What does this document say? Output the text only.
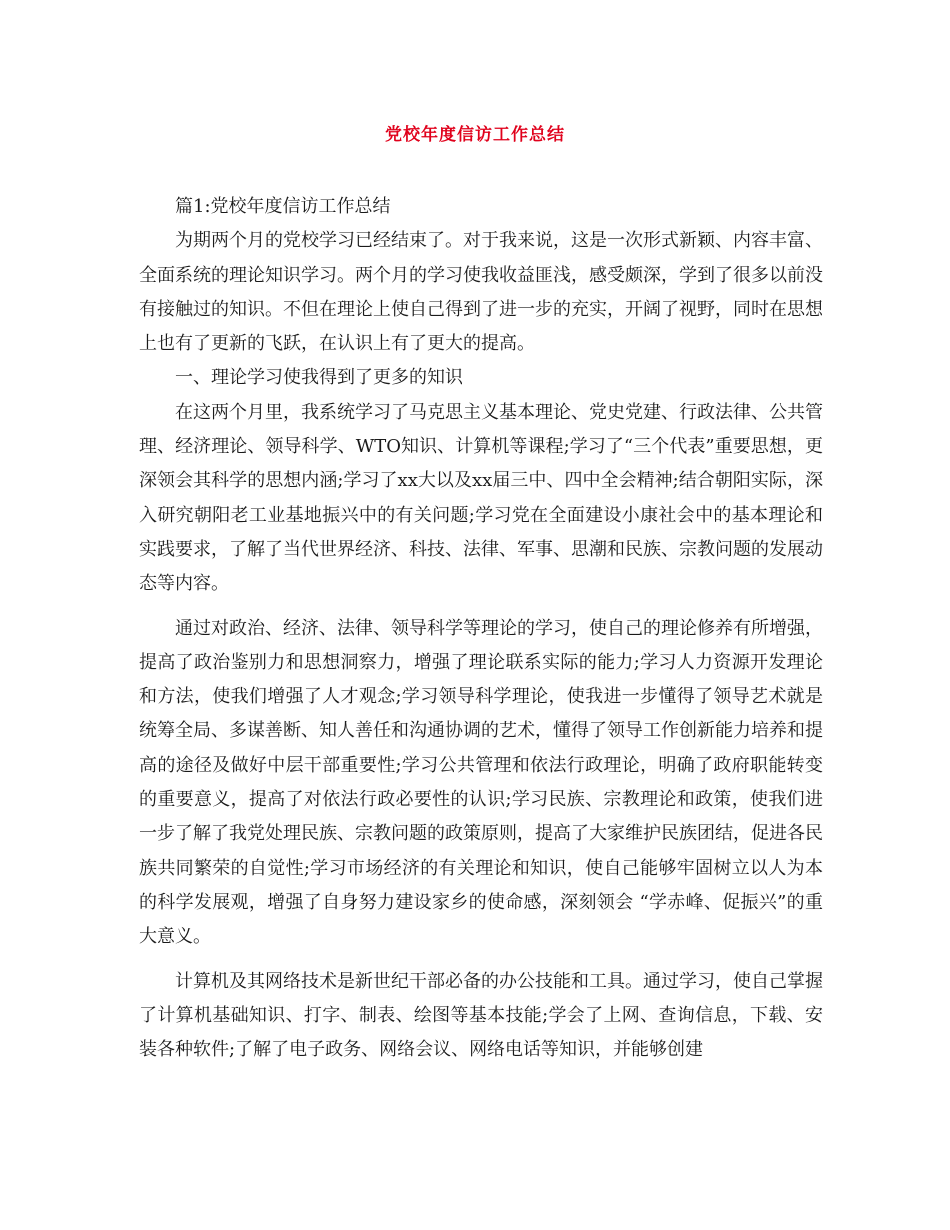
党校年度信访工作总结

篇1:党校年度信访工作总结

为期两个月的党校学习已经结束了。对于我来说，这是一次形式新颖、内容丰富、全面系统的理论知识学习。两个月的学习使我收益匪浅，感受颇深，学到了很多以前没有接触过的知识。不但在理论上使自己得到了进一步的充实，开阔了视野，同时在思想上也有了更新的飞跃，在认识上有了更大的提高。

一、理论学习使我得到了更多的知识

在这两个月里，我系统学习了马克思主义基本理论、党史党建、行政法律、公共管理、经济理论、领导科学、WTO知识、计算机等课程;学习了“三个代表”重要思想，更深领会其科学的思想内涵;学习了xx大以及xx届三中、四中全会精神;结合朝阳实际，深入研究朝阳老工业基地振兴中的有关问题;学习党在全面建设小康社会中的基本理论和实践要求，了解了当代世界经济、科技、法律、军事、思潮和民族、宗教问题的发展动态等内容。

通过对政治、经济、法律、领导科学等理论的学习，使自己的理论修养有所增强，提高了政治鉴别力和思想洞察力，增强了理论联系实际的能力;学习人力资源开发理论和方法，使我们增强了人才观念;学习领导科学理论，使我进一步懂得了领导艺术就是统筹全局、多谋善断、知人善任和沟通协调的艺术，懂得了领导工作创新能力培养和提高的途径及做好中层干部重要性;学习公共管理和依法行政理论，明确了政府职能转变的重要意义，提高了对依法行政必要性的认识;学习民族、宗教理论和政策，使我们进一步了解了我党处理民族、宗教问题的政策原则，提高了大家维护民族团结，促进各民族共同繁荣的自觉性;学习市场经济的有关理论和知识，使自己能够牢固树立以人为本的科学发展观，增强了自身努力建设家乡的使命感，深刻领会 “学赤峰、促振兴”的重大意义。

计算机及其网络技术是新世纪干部必备的办公技能和工具。通过学习，使自己掌握了计算机基础知识、打字、制表、绘图等基本技能;学会了上网、查询信息，下载、安装各种软件;了解了电子政务、网络会议、网络电话等知识，并能够创建
